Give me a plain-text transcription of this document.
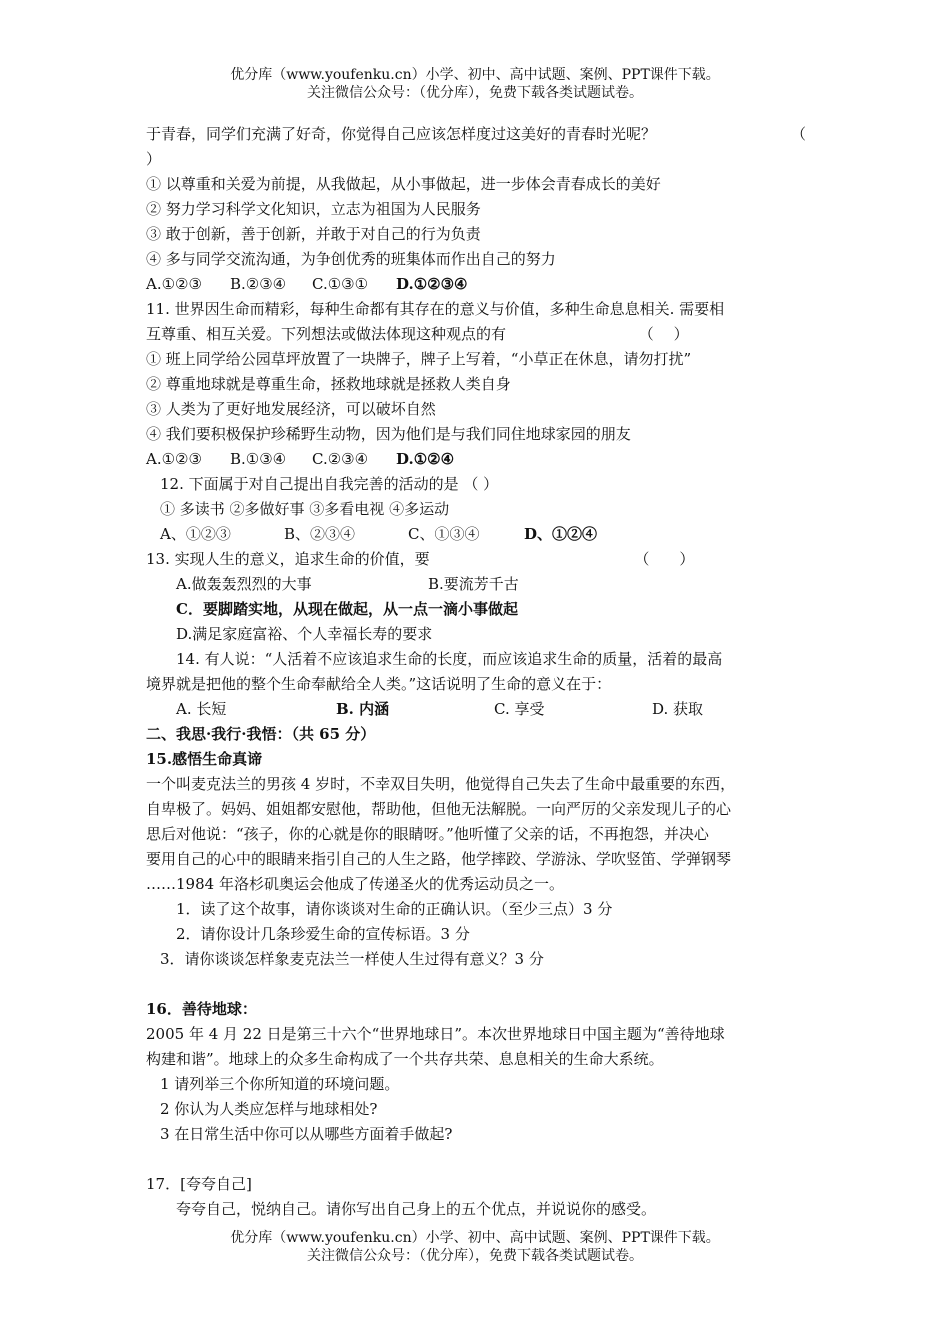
优分库（www.youfenku.cn）小学、初中、高中试题、案例、PPT课件下载。
关注微信公众号：（优分库），免费下载各类试题试卷。
于青春，同学们充满了好奇，你觉得自己应该怎样度过这美好的青春时光呢？	（
）
① 以尊重和关爱为前提，从我做起，从小事做起，进一步体会青春成长的美好
② 努力学习科学文化知识，立志为祖国为人民服务
③ 敢于创新，善于创新，并敢于对自己的行为负责
④ 多与同学交流沟通，为争创优秀的班集体而作出自己的努力
A.①②③	B.②③④	C.①③①	D.①②③④
11. 世界因生命而精彩，每种生命都有其存在的意义与价值，多种生命息息相关. 需要相
互尊重、相互关爱。下列想法或做法体现这种观点的有	（　 ）
① 班上同学给公园草坪放置了一块牌子，牌子上写着，“小草正在休息，请勿打扰”
② 尊重地球就是尊重生命，拯救地球就是拯救人类自身
③ 人类为了更好地发展经济，可以破坏自然
④ 我们要积极保护珍稀野生动物，因为他们是与我们同住地球家园的朋友
A.①②③	B.①③④	C.②③④	D.①②④
12. 下面属于对自己提出自我完善的活动的是 （ ）
① 多读书 ②多做好事 ③多看电视 ④多运动
A、①②③	B、②③④	C、①③④	D、①②④
13. 实现人生的意义，追求生命的价值，要	（　　）
A.做轰轰烈烈的大事	B.要流芳千古
C．要脚踏实地，从现在做起，从一点一滴小事做起
D.满足家庭富裕、个人幸福长寿的要求
14. 有人说：“人活着不应该追求生命的长度，而应该追求生命的质量，活着的最高
境界就是把他的整个生命奉献给全人类。”这话说明了生命的意义在于：
A. 长短	B. 内涵	C. 享受	D. 获取
二、我思·我行·我悟：（共 65 分）
15.感悟生命真谛
一个叫麦克法兰的男孩 4 岁时，不幸双目失明，他觉得自己失去了生命中最重要的东西，
自卑极了。妈妈、姐姐都安慰他，帮助他，但他无法解脱。一向严厉的父亲发现儿子的心
思后对他说：“孩子，你的心就是你的眼睛呀。”他听懂了父亲的话，不再抱怨，并决心
要用自己的心中的眼睛来指引自己的人生之路，他学摔跤、学游泳、学吹竖笛、学弹钢琴
……1984 年洛杉矶奥运会他成了传递圣火的优秀运动员之一。
1．读了这个故事，请你谈谈对生命的正确认识。（至少三点）3 分
2．请你设计几条珍爱生命的宣传标语。3 分
3．请你谈谈怎样象麦克法兰一样使人生过得有意义？3 分
16．善待地球：
2005 年 4 月 22 日是第三十六个“世界地球日”。本次世界地球日中国主题为“善待地球
构建和谐”。地球上的众多生命构成了一个共存共荣、息息相关的生命大系统。
1 请列举三个你所知道的环境问题。
2 你认为人类应怎样与地球相处?
3 在日常生活中你可以从哪些方面着手做起?
17．[夸夸自己]
夸夸自己，悦纳自己。请你写出自己身上的五个优点，并说说你的感受。
优分库（www.youfenku.cn）小学、初中、高中试题、案例、PPT课件下载。
关注微信公众号：（优分库），免费下载各类试题试卷。
